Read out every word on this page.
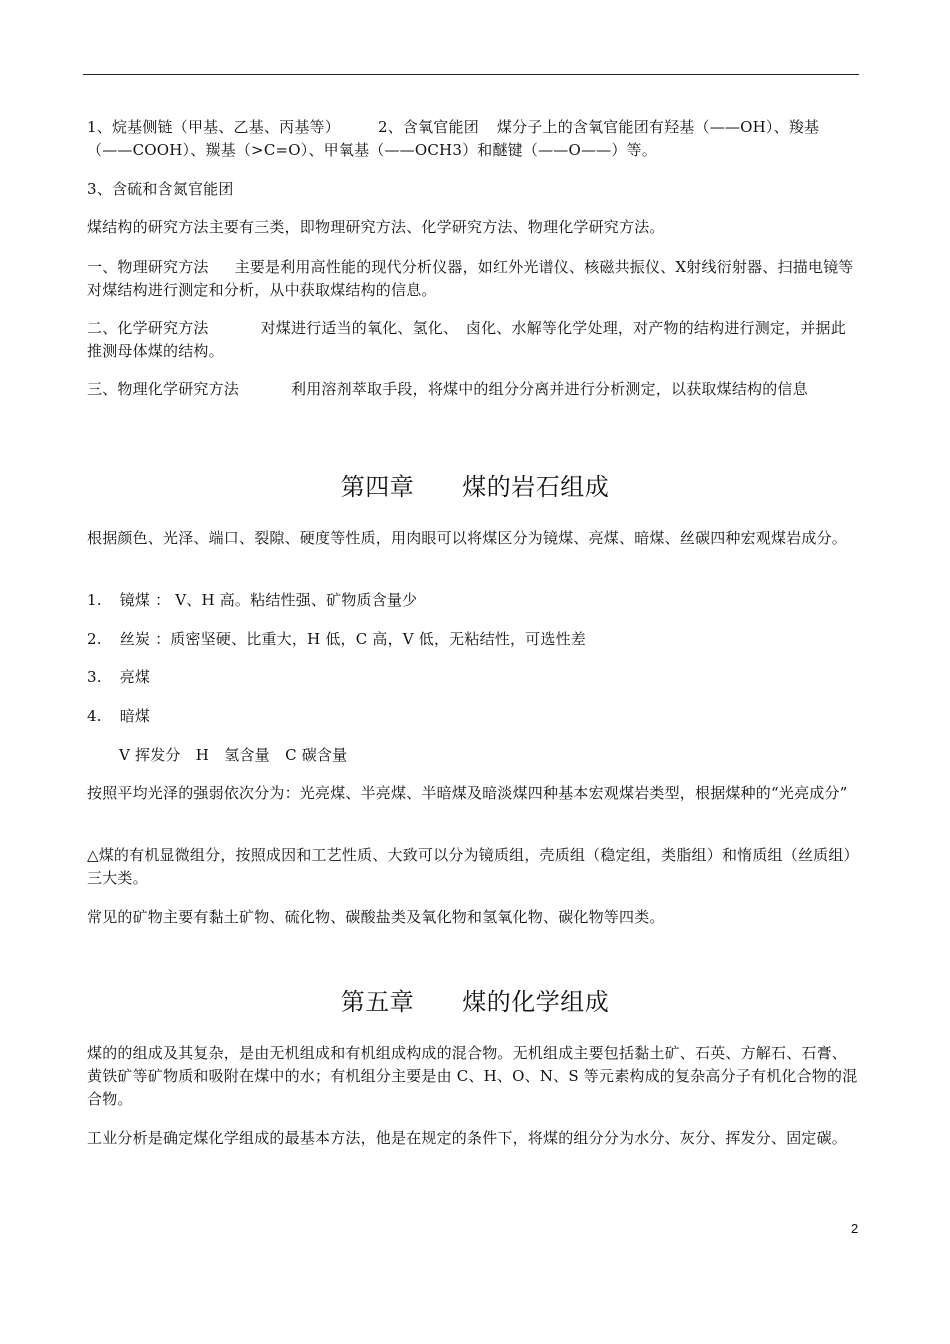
1、烷基侧链（甲基、乙基、丙基等）	2、含氧官能团 煤分子上的含氧官能团有羟基（——OH）、羧基（——COOH）、羰基（>C=O）、甲氧基（——OCH3）和醚键（——O——）等。

3、含硫和含氮官能团

煤结构的研究方法主要有三类，即物理研究方法、化学研究方法、物理化学研究方法。

一、物理研究方法 主要是利用高性能的现代分析仪器，如红外光谱仪、核磁共振仪、X射线衍射器、扫描电镜等对煤结构进行测定和分析，从中获取煤结构的信息。

二、化学研究方法	对煤进行适当的氧化、氢化、　卤化、水解等化学处理，对产物的结构进行测定，并据此推测母体煤的结构。

三、物理化学研究方法	利用溶剂萃取手段，将煤中的组分分离并进行分析测定，以获取煤结构的信息

第四章 煤的岩石组成

根据颜色、光泽、端口、裂隙、硬度等性质，用肉眼可以将煤区分为镜煤、亮煤、暗煤、丝碳四种宏观煤岩成分。

1. 镜煤 ： V、H 高。粘结性强、矿物质含量少

2. 丝炭 ：质密坚硬、比重大，H 低，C 高，V 低，无粘结性，可选性差

3. 亮煤

4. 暗煤

V 挥发分　H　氢含量　C 碳含量

按照平均光泽的强弱依次分为：光亮煤、半亮煤、半暗煤及暗淡煤四种基本宏观煤岩类型，根据煤种的“光亮成分”

△煤的有机显微组分，按照成因和工艺性质、大致可以分为镜质组，壳质组（稳定组，类脂组）和惰质组（丝质组）三大类。

常见的矿物主要有黏土矿物、硫化物、碳酸盐类及氧化物和氢氧化物、碳化物等四类。

第五章 煤的化学组成

煤的的组成及其复杂，是由无机组成和有机组成构成的混合物。无机组成主要包括黏土矿、石英、方解石、石膏、黄铁矿等矿物质和吸附在煤中的水；有机组分主要是由 C、H、O、N、S 等元素构成的复杂高分子有机化合物的混合物。

工业分析是确定煤化学组成的最基本方法，他是在规定的条件下，将煤的组分分为水分、灰分、挥发分、固定碳。

2
